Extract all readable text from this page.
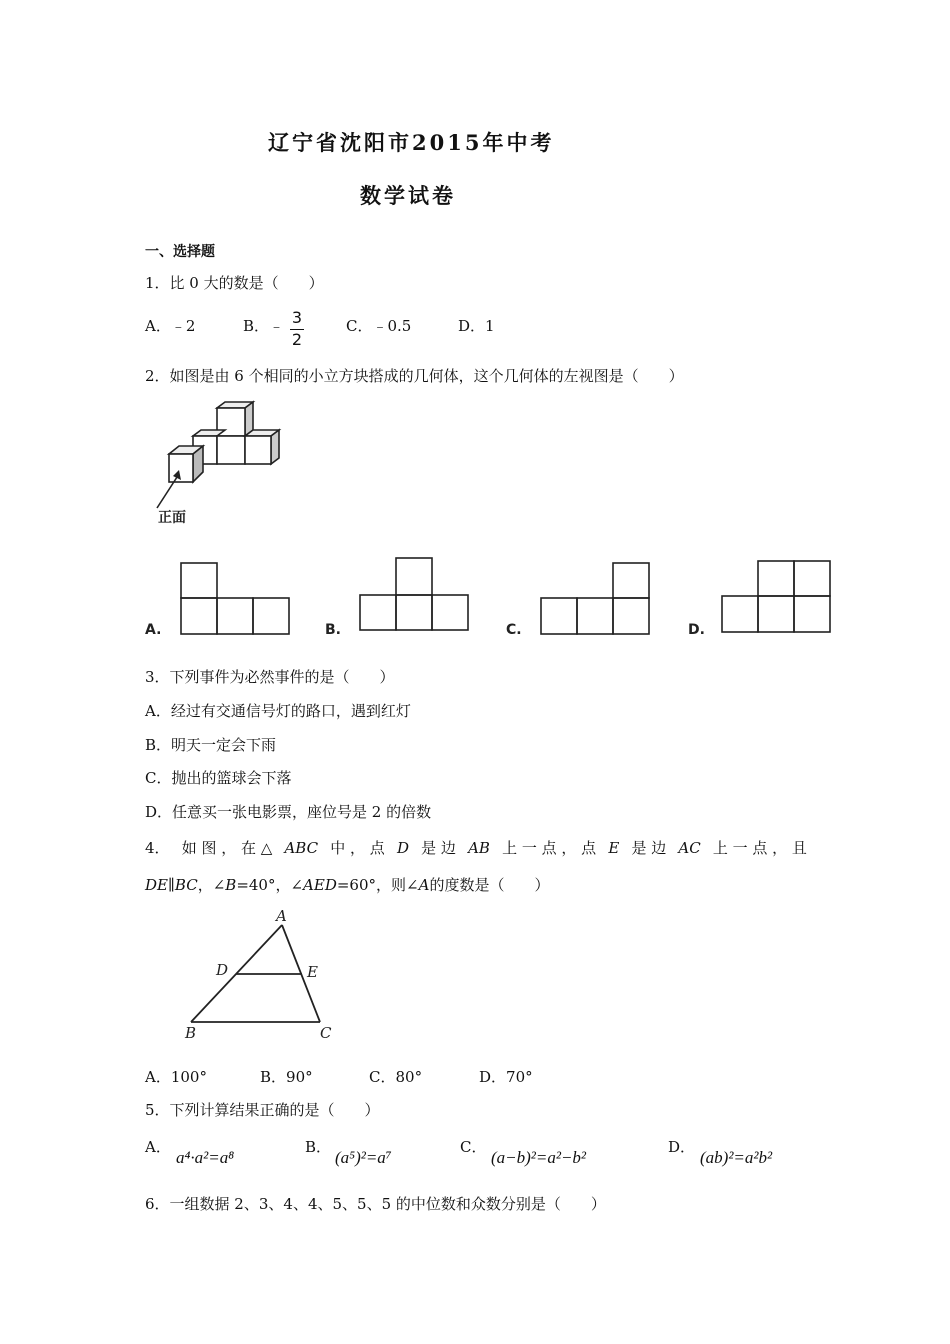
辽宁省沈阳市2015年中考
数学试卷
一、选择题
1．比 0 大的数是（　　）
A．﹣2	B．﹣ 3
2
C．﹣0.5	D．1
2．如图是由 6 个相同的小立方块搭成的几何体，这个几何体的左视图是（　　）
正面
A.	B.	C.	D.
3．下列事件为必然事件的是（　　）
A．经过有交通信号灯的路口，遇到红灯
B．明天一定会下雨
C．抛出的篮球会下落
D．任意买一张电影票，座位号是 2 的倍数
4． 如 图 ， 在 △ ABC 中 ， 点 D 是 边 AB 上 一 点 ， 点 E 是 边 AC 上 一 点 ， 且
DE∥BC，∠B=40°，∠AED=60°，则∠A的度数是（　　）
A
D	E
B	C
A．100°	B．90°	C．80°	D．70°
5．下列计算结果正确的是（　　）
A．
a⁴·a²=a⁸
B．
(a⁵)²=a⁷
C．
(a−b)²=a²−b²
D．
(ab)²=a²b²
6．一组数据 2、3、4、4、5、5、5 的中位数和众数分别是（　　）
